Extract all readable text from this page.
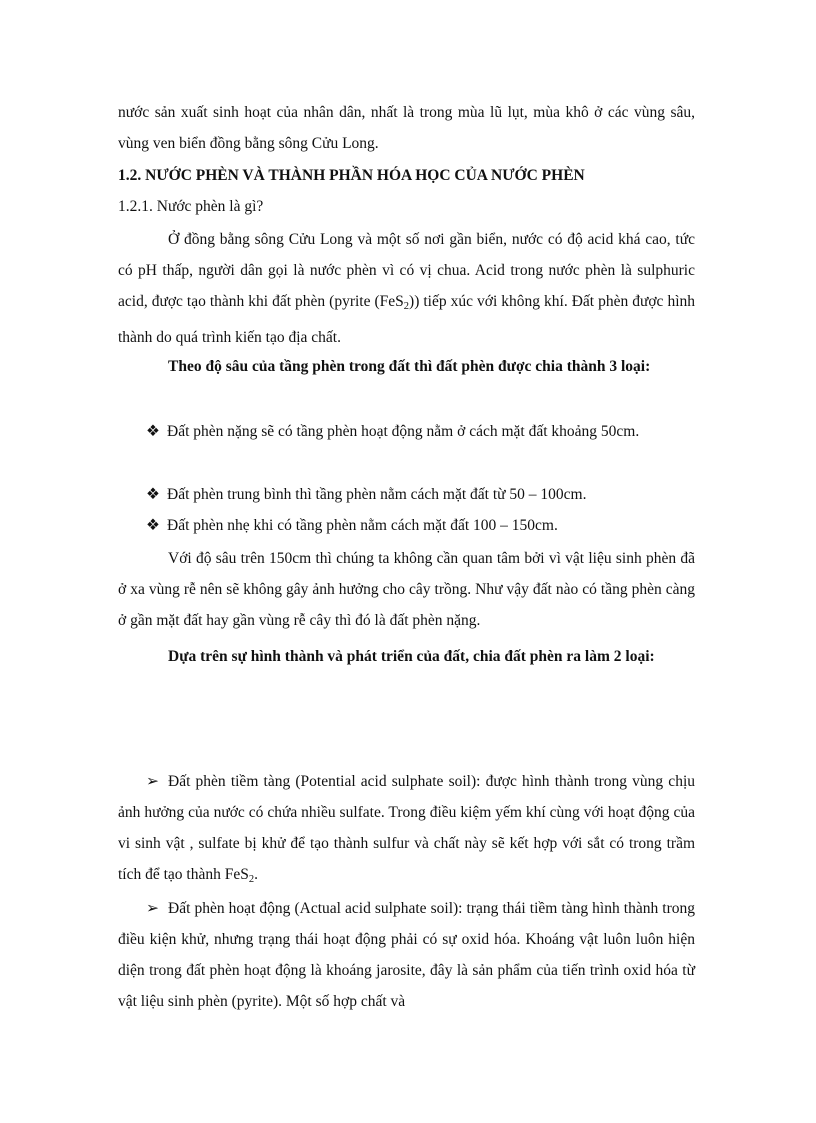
nước sản xuất sinh hoạt của nhân dân, nhất là trong mùa lũ lụt, mùa khô ở các vùng sâu, vùng ven biển đồng bằng sông Cửu Long.
1.2. NƯỚC PHÈN VÀ THÀNH PHẦN HÓA HỌC CỦA NƯỚC PHÈN
1.2.1. Nước phèn là gì?
Ở đồng bằng sông Cửu Long và một số nơi gần biển, nước có độ acid khá cao, tức có pH thấp, người dân gọi là nước phèn vì có vị chua. Acid trong nước phèn là sulphuric acid, được tạo thành khi đất phèn (pyrite (FeS$_2$)) tiếp xúc với không khí. Đất phèn được hình thành do quá trình kiến tạo địa chất.
Theo độ sâu của tầng phèn trong đất thì đất phèn được chia thành 3 loại:
❖ Đất phèn nặng sẽ có tầng phèn hoạt động nằm ở cách mặt đất khoảng 50cm.
❖ Đất phèn trung bình thì tầng phèn nằm cách mặt đất từ 50 – 100cm.
❖ Đất phèn nhẹ khi có tầng phèn nằm cách mặt đất 100 – 150cm.
Với độ sâu trên 150cm thì chúng ta không cần quan tâm bởi vì vật liệu sinh phèn đã ở xa vùng rễ nên sẽ không gây ảnh hưởng cho cây trồng. Như vậy đất nào có tầng phèn càng ở gần mặt đất hay gần vùng rễ cây thì đó là đất phèn nặng.
Dựa trên sự hình thành và phát triển của đất, chia đất phèn ra làm 2 loại:
➢ Đất phèn tiềm tàng (Potential acid sulphate soil): được hình thành trong vùng chịu ảnh hưởng của nước có chứa nhiều sulfate. Trong điều kiệm yếm khí cùng với hoạt động của vi sinh vật , sulfate bị khử để tạo thành sulfur và chất này sẽ kết hợp với sắt có trong trầm tích để tạo thành FeS$_2$.
➢ Đất phèn hoạt động (Actual acid sulphate soil): trạng thái tiềm tàng hình thành trong điều kiện khử, nhưng trạng thái hoạt động phải có sự oxid hóa. Khoáng vật luôn luôn hiện diện trong đất phèn hoạt động là khoáng jarosite, đây là sản phẩm của tiến trình oxid hóa từ vật liệu sinh phèn (pyrite). Một số hợp chất và
